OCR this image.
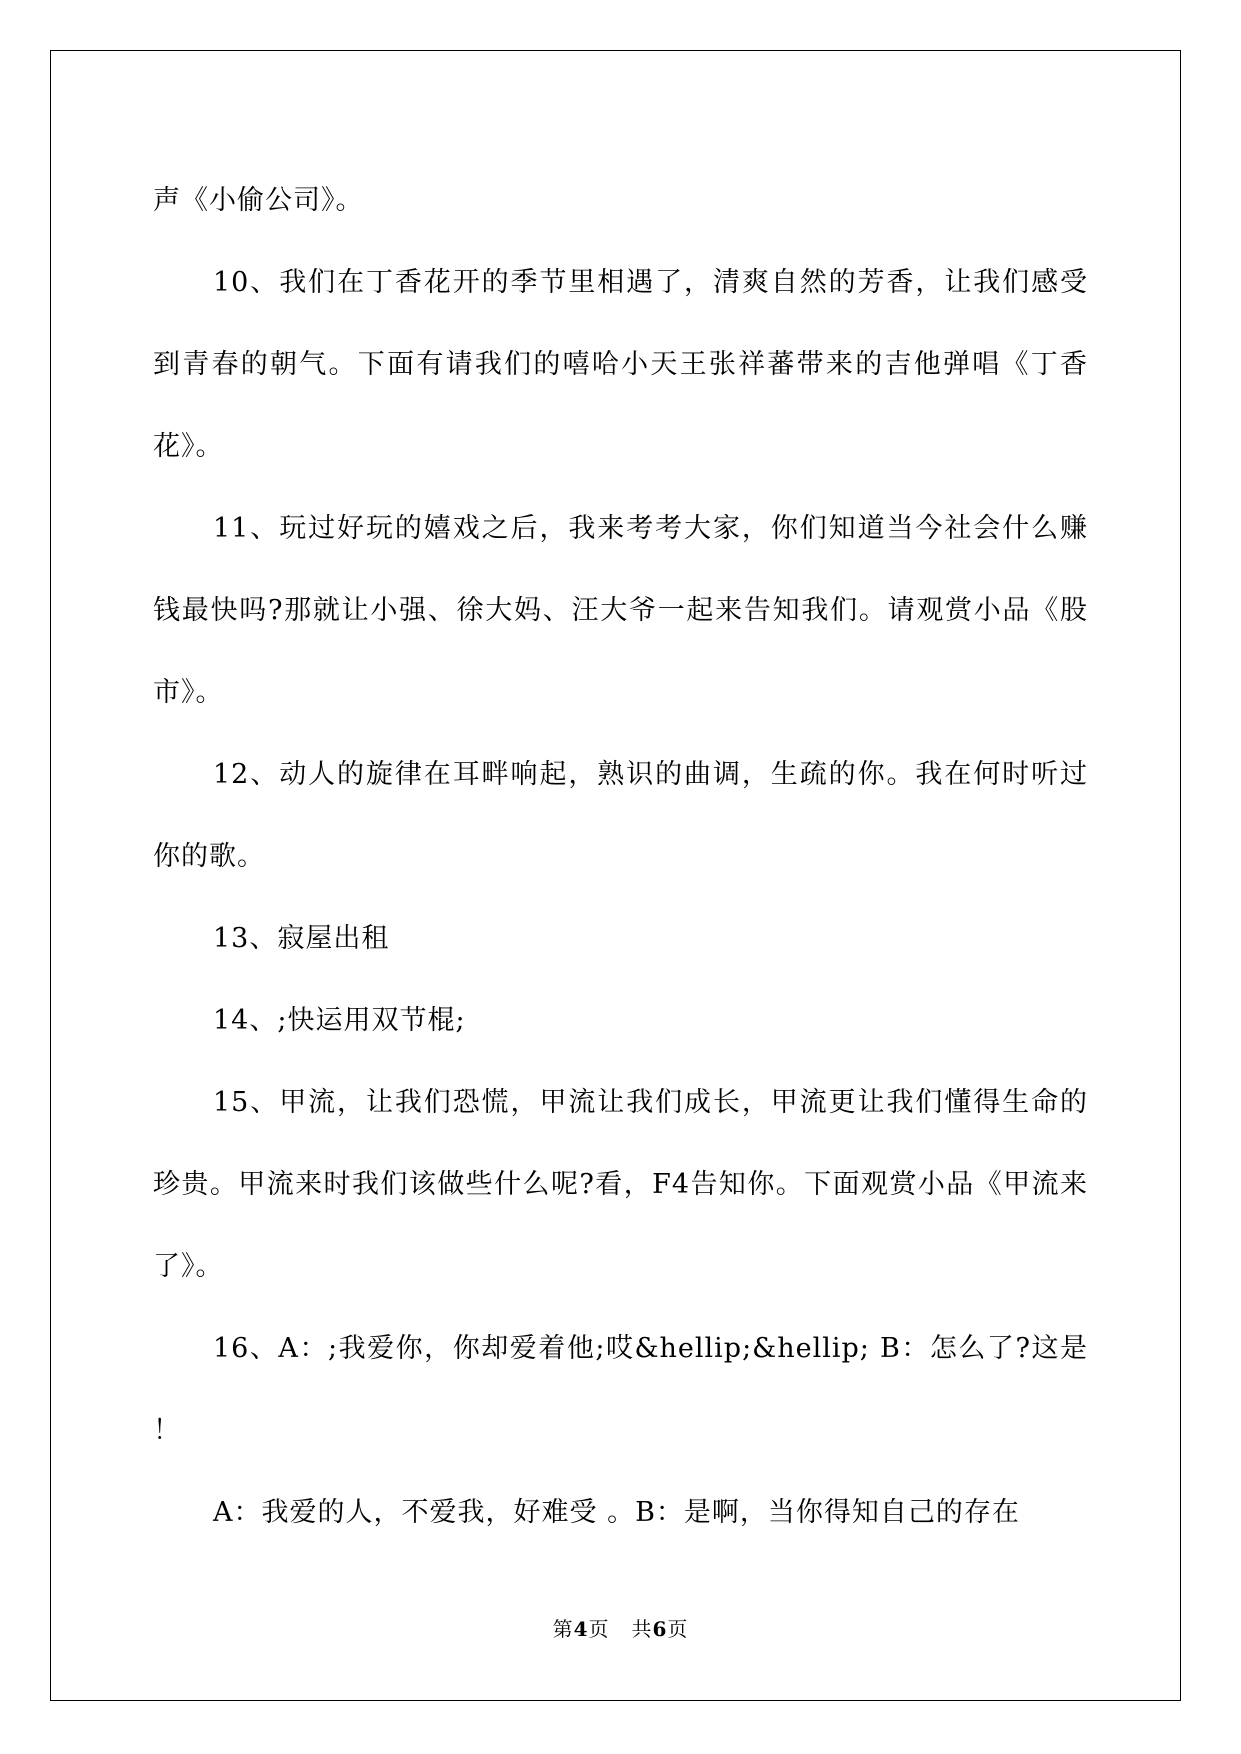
声《小偷公司》。

10、我们在丁香花开的季节里相遇了，清爽自然的芳香，让我们感受到青春的朝气。下面有请我们的嘻哈小天王张祥蕃带来的吉他弹唱《丁香花》。

11、玩过好玩的嬉戏之后，我来考考大家，你们知道当今社会什么赚钱最快吗?那就让小强、徐大妈、汪大爷一起来告知我们。请观赏小品《股市》。

12、动人的旋律在耳畔响起，熟识的曲调，生疏的你。我在何时听过你的歌。

13、寂屋出租

14、;快运用双节棍;

15、甲流，让我们恐慌，甲流让我们成长，甲流更让我们懂得生命的珍贵。甲流来时我们该做些什么呢?看，F4告知你。下面观赏小品《甲流来了》。

16、A：;我爱你，你却爱着他;哎&hellip;&hellip; B：怎么了?这是 ！

A：我爱的人，不爱我，好难受 。B：是啊，当你得知自己的存在

第4页 共6页
